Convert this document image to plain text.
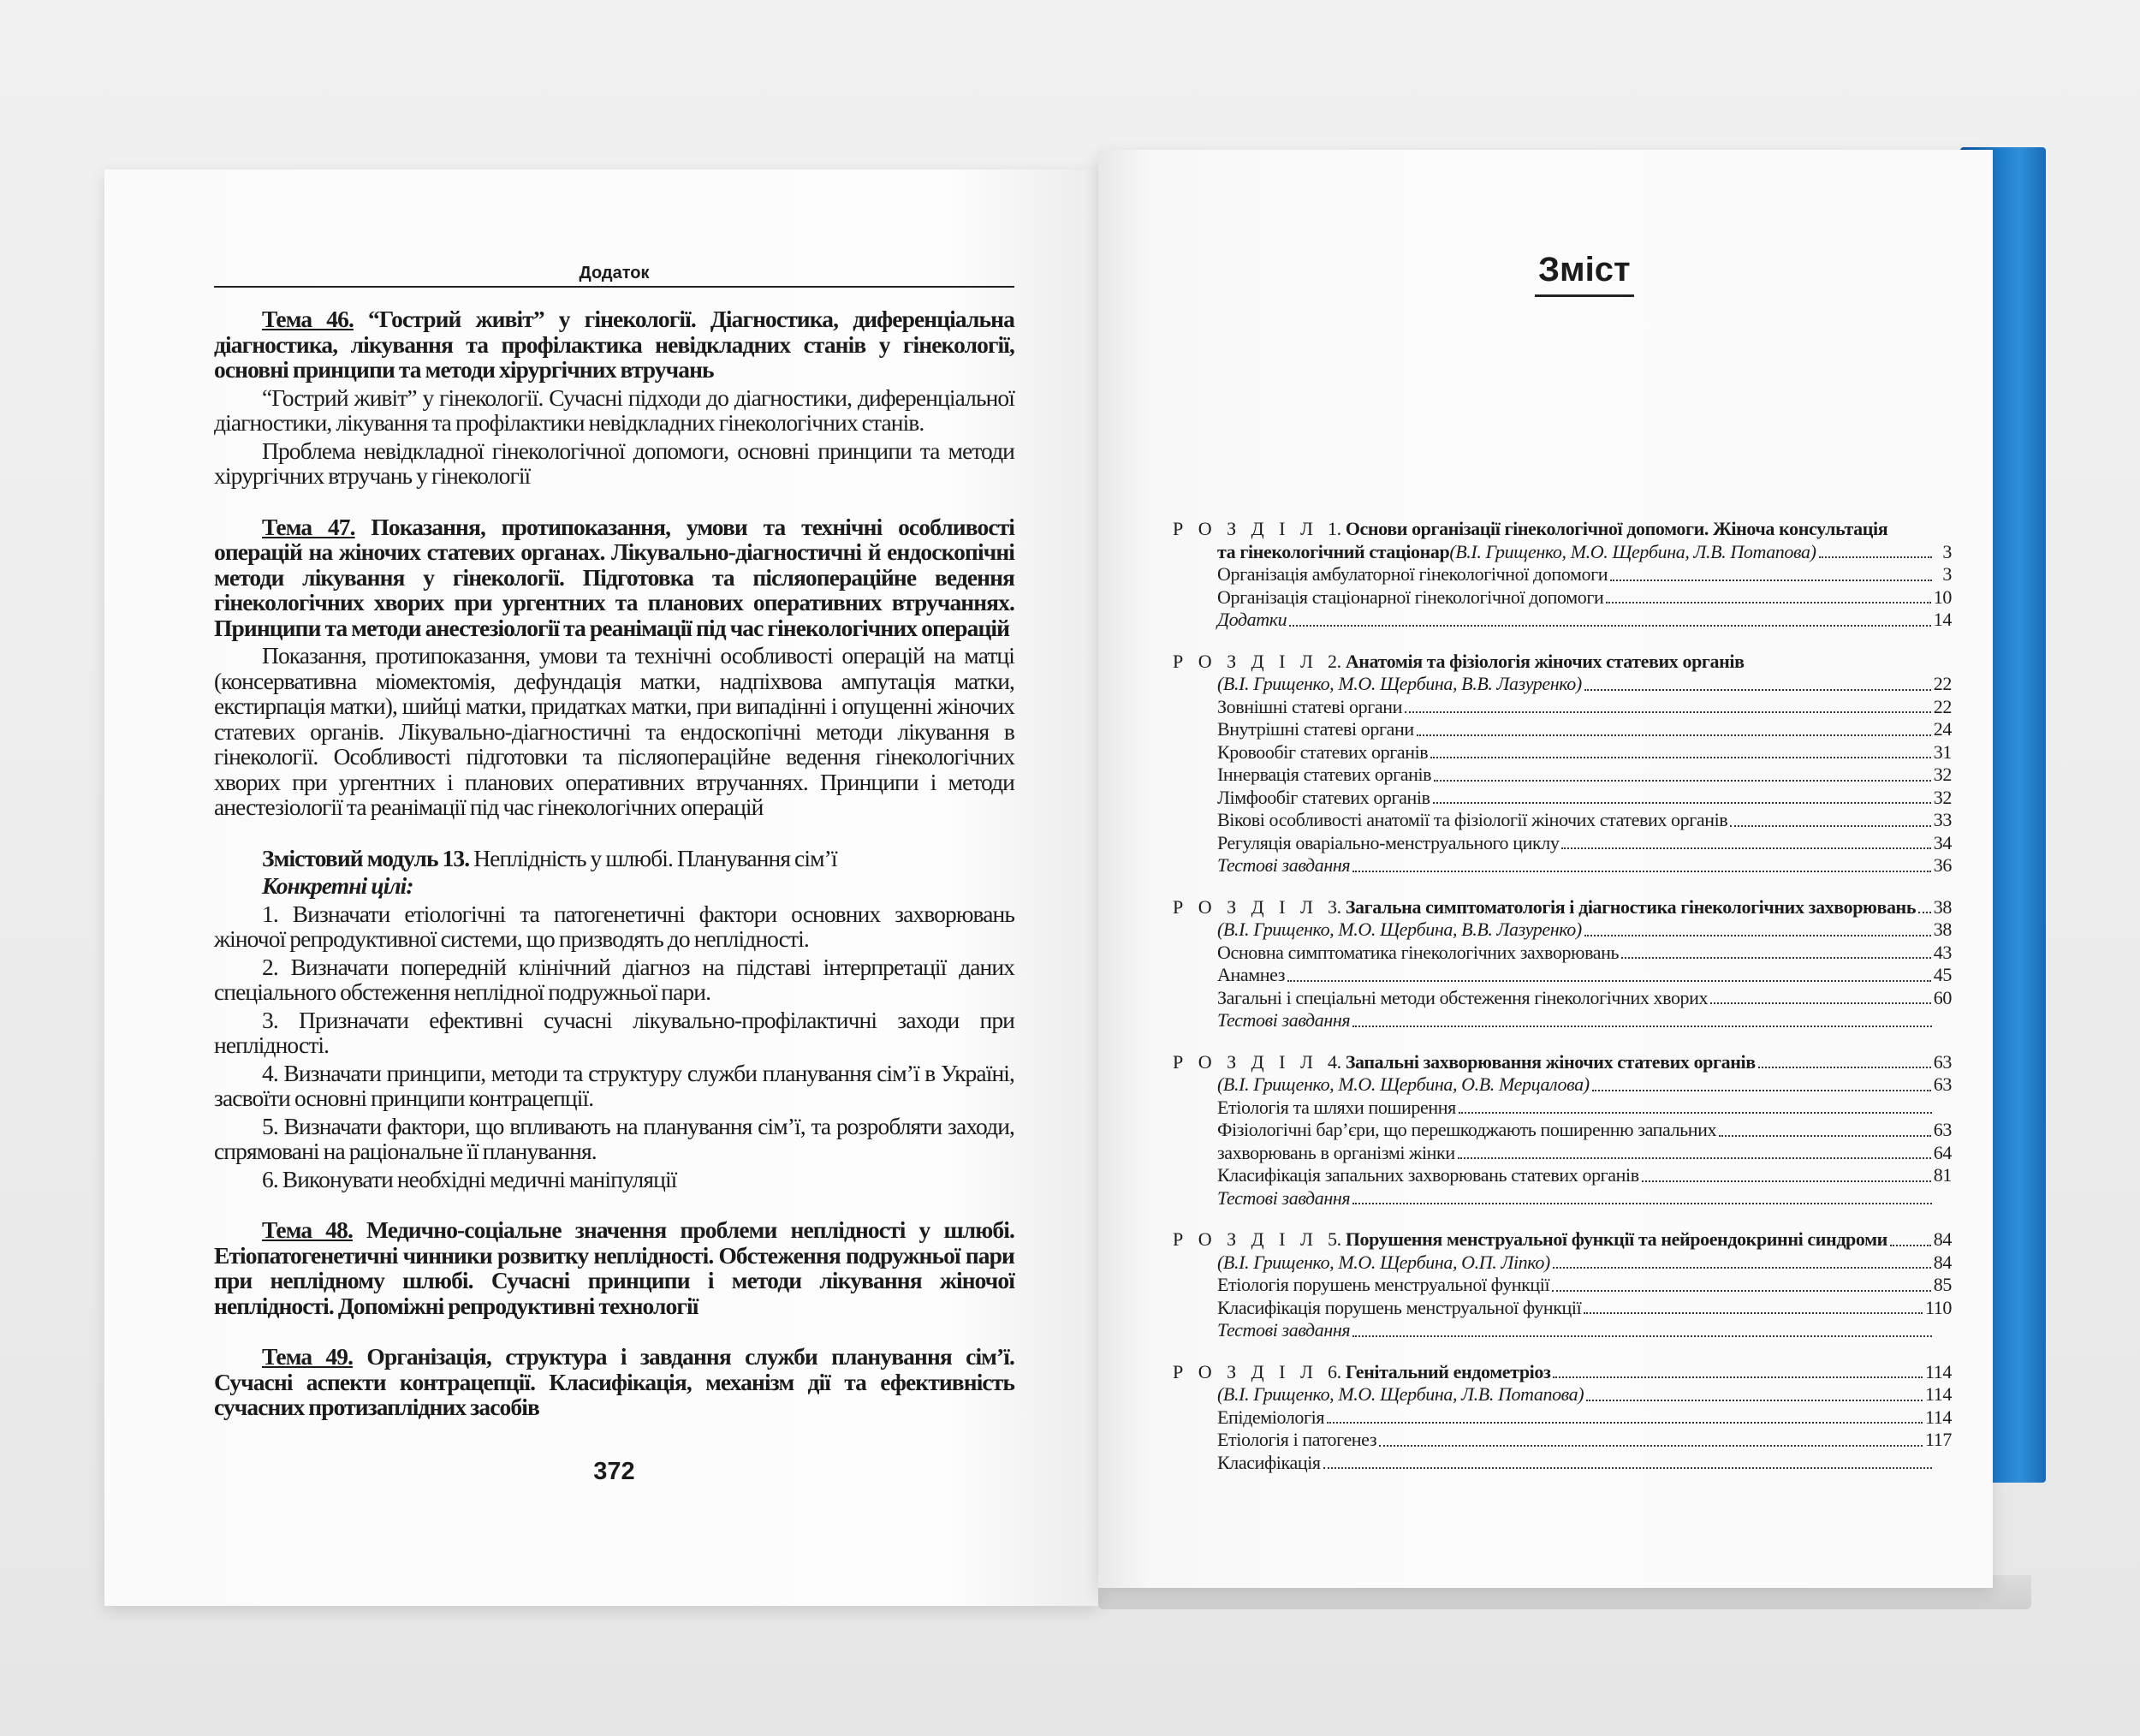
Додаток

Тема 46. “Гострий живіт” у гінекології. Діагностика, диференціальна діагностика, лікування та профілактика невідкладних станів у гінекології, основні принципи та методи хірургічних втручань

“Гострий живіт” у гінекології. Сучасні підходи до діагностики, диференціальної діагностики, лікування та профілактики невідкладних гінекологічних станів.

Проблема невідкладної гінекологічної допомоги, основні принципи та методи хірургічних втручань у гінекології

Тема 47. Показання, протипоказання, умови та технічні особливості операцій на жіночих статевих органах. Лікувально-діагностичні й ендоскопічні методи лікування у гінекології. Підготовка та післяопераційне ведення гінекологічних хворих при ургентних та планових оперативних втручаннях. Принципи та методи анестезіології та реанімації під час гінекологічних операцій

Показання, протипоказання, умови та технічні особливості операцій на матці (консервативна міомектомія, дефундація матки, надпіхвова ампутація матки, екстирпація матки), шийці матки, придатках матки, при випадінні і опущенні жіночих статевих органів. Лікувально-діагностичні та ендоскопічні методи лікування в гінекології. Особливості підготовки та післяопераційне ведення гінекологічних хворих при ургентних і планових оперативних втручаннях. Принципи і методи анестезіології та реанімації під час гінекологічних операцій

Змістовий модуль 13. Неплідність у шлюбі. Планування сім’ї

Конкретні цілі:

1. Визначати етіологічні та патогенетичні фактори основних захворювань жіночої репродуктивної системи, що призводять до неплідності.

2. Визначати попередній клінічний діагноз на підставі інтерпретації даних спеціального обстеження неплідної подружньої пари.

3. Призначати ефективні сучасні лікувально-профілактичні заходи при неплідності.

4. Визначати принципи, методи та структуру служби планування сім’ї в Україні, засвоїти основні принципи контрацепції.

5. Визначати фактори, що впливають на планування сім’ї, та розробляти заходи, спрямовані на раціональне її планування.

6. Виконувати необхідні медичні маніпуляції

Тема 48. Медично-соціальне значення проблеми неплідності у шлюбі. Етіопатогенетичні чинники розвитку неплідності. Обстеження подружньої пари при неплідному шлюбі. Сучасні принципи і методи лікування жіночої неплідності. Допоміжні репродуктивні технології

Тема 49. Організація, структура і завдання служби планування сім’ї. Сучасні аспекти контрацепції. Класифікація, механізм дії та ефективність сучасних протизаплідних засобів

372
Зміст
Р О З Д І Л 1. Основи організації гінекологічної допомоги. Жіноча консультація
та гінекологічний стаціонар (В.І. Грищенко, М.О. Щербина, Л.В. Потапова)	3
Організація амбулаторної гінекологічної допомоги	3
Організація стаціонарної гінекологічної допомоги	10
Додатки	14
Р О З Д І Л 2. Анатомія та фізіологія жіночих статевих органів
(В.І. Грищенко, М.О. Щербина, В.В. Лазуренко)	22
Зовнішні статеві органи	22
Внутрішні статеві органи	24
Кровообіг статевих органів	31
Іннервація статевих органів	32
Лімфообіг статевих органів	32
Вікові особливості анатомії та фізіології жіночих статевих органів	33
Регуляція оваріально-менструального циклу	34
Тестові завдання	36
Р О З Д І Л 3. Загальна симптоматологія і діагностика гінекологічних захворювань 38
(В.І. Грищенко, М.О. Щербина, В.В. Лазуренко)	38
Основна симптоматика гінекологічних захворювань	43
Анамнез	45
Загальні і спеціальні методи обстеження гінекологічних хворих	60
Тестові завдання
Р О З Д І Л 4. Запальні захворювання жіночих статевих органів	63
(В.І. Грищенко, М.О. Щербина, О.В. Мерцалова)	63
Етіологія та шляхи поширення
Фізіологічні бар’єри, що перешкоджають поширенню запальних	63
захворювань в організмі жінки	64
Класифікація запальних захворювань статевих органів	81
Тестові завдання
Р О З Д І Л 5. Порушення менструальної функції та нейроендокринні синдроми 84
(В.І. Грищенко, М.О. Щербина, О.П. Ліпко)	84
Етіологія порушень менструальної функції	85
Класифікація порушень менструальної функції	110
Тестові завдання
Р О З Д І Л 6. Генітальний ендометріоз	114
(В.І. Грищенко, М.О. Щербина, Л.В. Потапова)	114
Епідеміологія	114
Етіологія і патогенез	117
Класифікація
